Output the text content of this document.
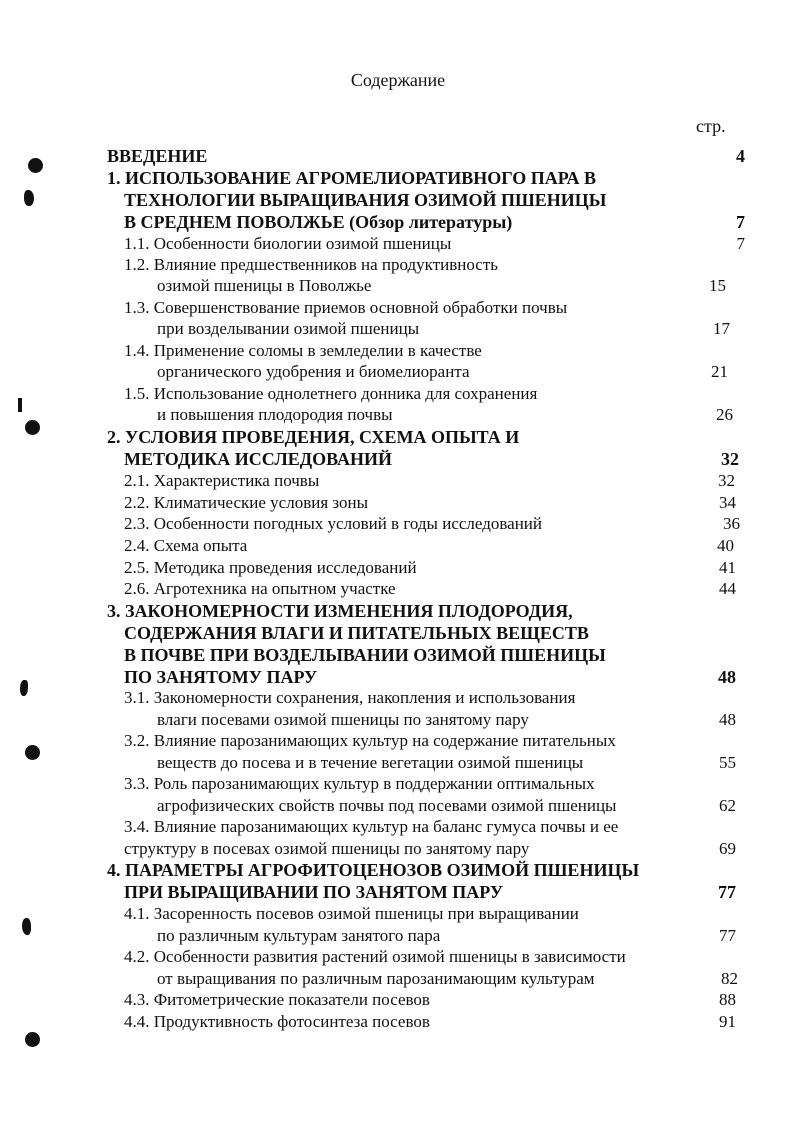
Содержание
стр.
ВВЕДЕНИЕ	4
1. ИСПОЛЬЗОВАНИЕ АГРОМЕЛИОРАТИВНОГО ПАРА В
ТЕХНОЛОГИИ ВЫРАЩИВАНИЯ ОЗИМОЙ ПШЕНИЦЫ
В СРЕДНЕМ ПОВОЛЖЬЕ (Обзор литературы)	7
1.1. Особенности биологии озимой пшеницы	7
1.2. Влияние предшественников на продуктивность
озимой пшеницы в Поволжье	15
1.3. Совершенствование приемов основной обработки почвы
при возделывании озимой пшеницы	17
1.4. Применение соломы в земледелии в качестве
органического удобрения и биомелиоранта	21
1.5. Использование однолетнего донника для сохранения
и повышения плодородия почвы	26
2. УСЛОВИЯ ПРОВЕДЕНИЯ, СХЕМА ОПЫТА И
МЕТОДИКА ИССЛЕДОВАНИЙ	32
2.1. Характеристика почвы	32
2.2. Климатические условия зоны	34
2.3. Особенности погодных условий в годы исследований	36
2.4. Схема опыта	40
2.5. Методика проведения исследований	41
2.6. Агротехника на опытном участке	44
3. ЗАКОНОМЕРНОСТИ ИЗМЕНЕНИЯ ПЛОДОРОДИЯ,
СОДЕРЖАНИЯ ВЛАГИ И ПИТАТЕЛЬНЫХ ВЕЩЕСТВ
В ПОЧВЕ ПРИ ВОЗДЕЛЫВАНИИ ОЗИМОЙ ПШЕНИЦЫ
ПО ЗАНЯТОМУ ПАРУ	48
3.1. Закономерности сохранения, накопления и использования
влаги посевами озимой пшеницы по занятому пару	48
3.2. Влияние парозанимающих культур на содержание питательных
веществ до посева и в течение вегетации озимой пшеницы	55
3.3. Роль парозанимающих культур в поддержании оптимальных
агрофизических свойств почвы под посевами озимой пшеницы	62
3.4. Влияние парозанимающих культур на баланс гумуса почвы и ее
структуру в посевах озимой пшеницы по занятому пару	69
4. ПАРАМЕТРЫ АГРОФИТОЦЕНОЗОВ ОЗИМОЙ ПШЕНИЦЫ
ПРИ ВЫРАЩИВАНИИ ПО ЗАНЯТОМ ПАРУ	77
4.1. Засоренность посевов озимой пшеницы при выращивании
по различным культурам занятого пара	77
4.2. Особенности развития растений озимой пшеницы в зависимости
от выращивания по различным парозанимающим культурам	82
4.3. Фитометрические показатели посевов	88
4.4. Продуктивность фотосинтеза посевов	91
